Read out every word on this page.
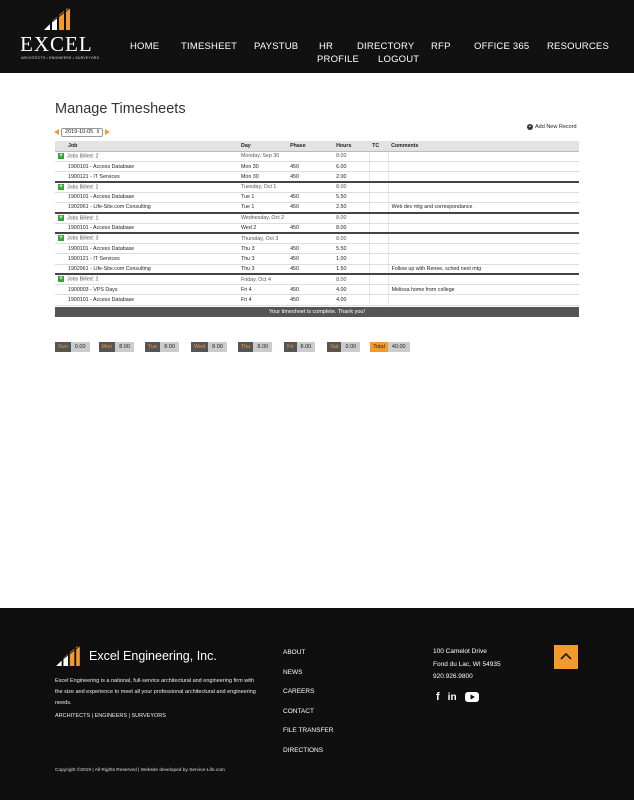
EXCEL
ARCHITECTS • ENGINEERS • SURVEYORS
HOME TIMESHEET PAYSTUB HR	DIRECTORY RFP OFFICE 365 RESOURCES
PROFILE LOGOUT
Manage Timesheets
2019-10-05 ⇕
+ Add New Record
Job	Day	Phase	Hours	TC	Comments
+ Jobs Billed: 2	Monday, Sep 30		8.00		
1900101 - Access Database	Mon 30	450	6.00		
1900121 - IT Services	Mon 30	450	2.00		
+ Jobs Billed: 2	Tuesday, Oct 1		8.00		
1900101 - Access Database	Tue 1	450	5.50		
1902961 - Life-Site.com Consulting	Tue 1	450	2.50		Web dev mtg and correspondance
+ Jobs Billed: 1	Wednesday, Oct 2		8.00		
1900101 - Access Database	Wed 2	450	8.00		
+ Jobs Billed: 3	Thursday, Oct 3		8.00		
1900101 - Access Database	Thu 3	450	5.50		
1900121 - IT Services	Thu 3	450	1.00		
1902961 - Life-Site.com Consulting	Thu 3	450	1.50		Follow up with Renee, sched next mtg
+ Jobs Billed: 2	Friday, Oct 4		8.00		
1900003 - VPS Days	Fri 4	450	4.00		Melissa home from college
1900101 - Access Database	Fri 4	450	4.00		
Your timesheet is complete. Thank you!
Sun	0.00	Mon	8.00	Tue	8.00	Wed	8.00	Thu	8.00	Fri	8.00	Sat	0.00	Total	40.00
Excel Engineering, Inc.
Excel Engineering is a national, full-service architectural and engineering firm with the size and experience to meet all your professional architectural and engineering needs.
ARCHITECTS | ENGINEERS | SURVEYORS
ABOUT
NEWS
CAREERS
CONTACT
FILE TRANSFER
DIRECTIONS
100 Camelot Drive
Fond du Lac, WI 54935
920.926.9800
f in
Copyright ©2019 | All Rights Reserved | Website developed by Service-Life.com
